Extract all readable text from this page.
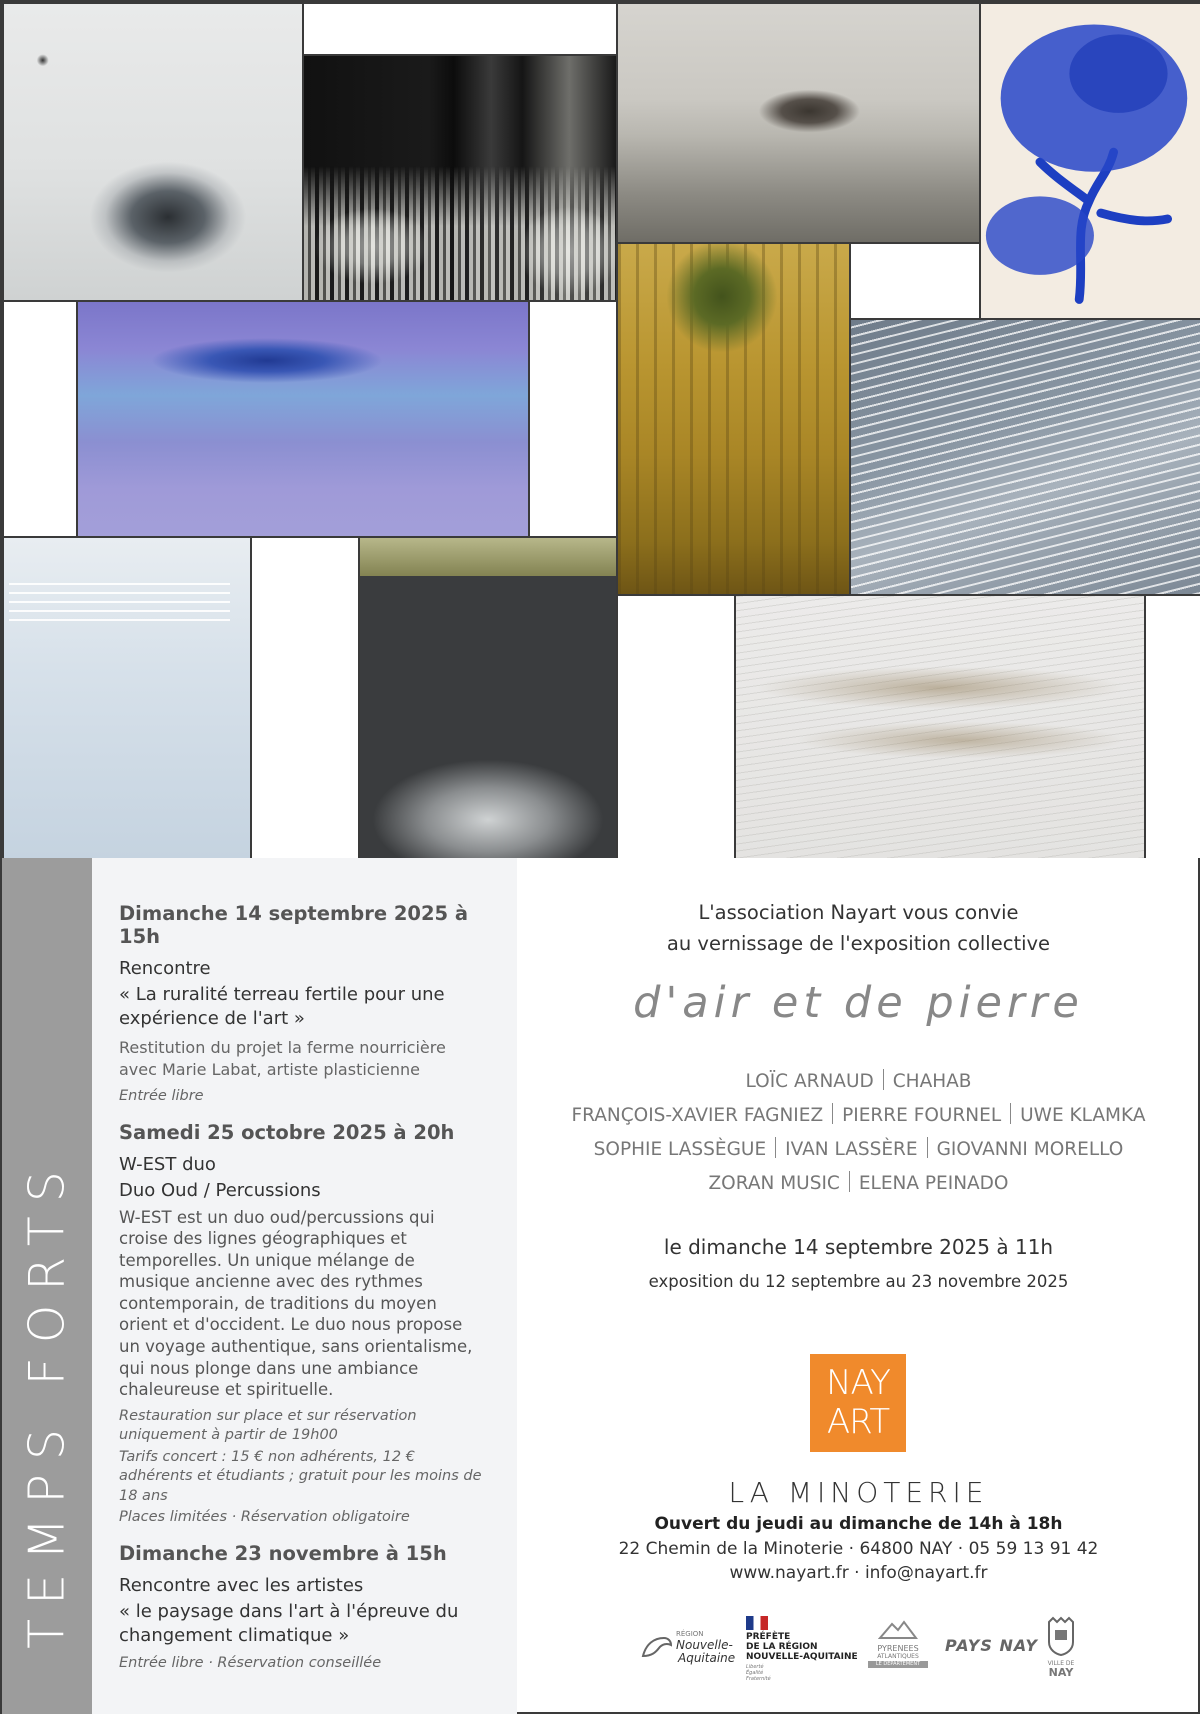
TEMPS FORTS
Dimanche 14 septembre 2025 à 15h
Rencontre
« La ruralité terreau fertile pour une expérience de l'art »
Restitution du projet la ferme nourricière avec Marie Labat, artiste plasticienne
Entrée libre
Samedi 25 octobre 2025 à 20h
W-EST duo
Duo Oud / Percussions
W-EST est un duo oud/percussions qui croise des lignes géographiques et temporelles. Un unique mélange de musique ancienne avec des rythmes contemporain, de traditions du moyen orient et d'occident. Le duo nous propose un voyage authentique, sans orientalisme, qui nous plonge dans une ambiance chaleureuse et spirituelle.
Restauration sur place et sur réservation uniquement à partir de 19h00
Tarifs concert : 15 € non adhérents, 12 € adhérents et étudiants ; gratuit pour les moins de 18 ans
Places limitées · Réservation obligatoire
Dimanche 23 novembre à 15h
Rencontre avec les artistes
« le paysage dans l'art à l'épreuve du changement climatique »
Entrée libre · Réservation conseillée
L'association Nayart vous convie
au vernissage de l'exposition collective
d'air et de pierre
LOÏC ARNAUD CHAHAB
FRANÇOIS-XAVIER FAGNIEZ PIERRE FOURNEL UWE KLAMKA
SOPHIE LASSÈGUE IVAN LASSÈRE GIOVANNI MORELLO
ZORAN MUSIC ELENA PEINADO
le dimanche 14 septembre 2025 à 11h
exposition du 12 septembre au 23 novembre 2025
NAY
ART
LA MINOTERIE
Ouvert du jeudi au dimanche de 14h à 18h
22 Chemin de la Minoterie · 64800 NAY · 05 59 13 91 42
www.nayart.fr · info@nayart.fr
RÉGION
Nouvelle-
Aquitaine
PRÉFÈTE
DE LA RÉGION
NOUVELLE-AQUITAINE
Liberté
Égalité
Fraternité
PYRENEES
ATLANTIQUES
LE DÉPARTEMENT
PAYS NAY
VILLE DE
NAY
